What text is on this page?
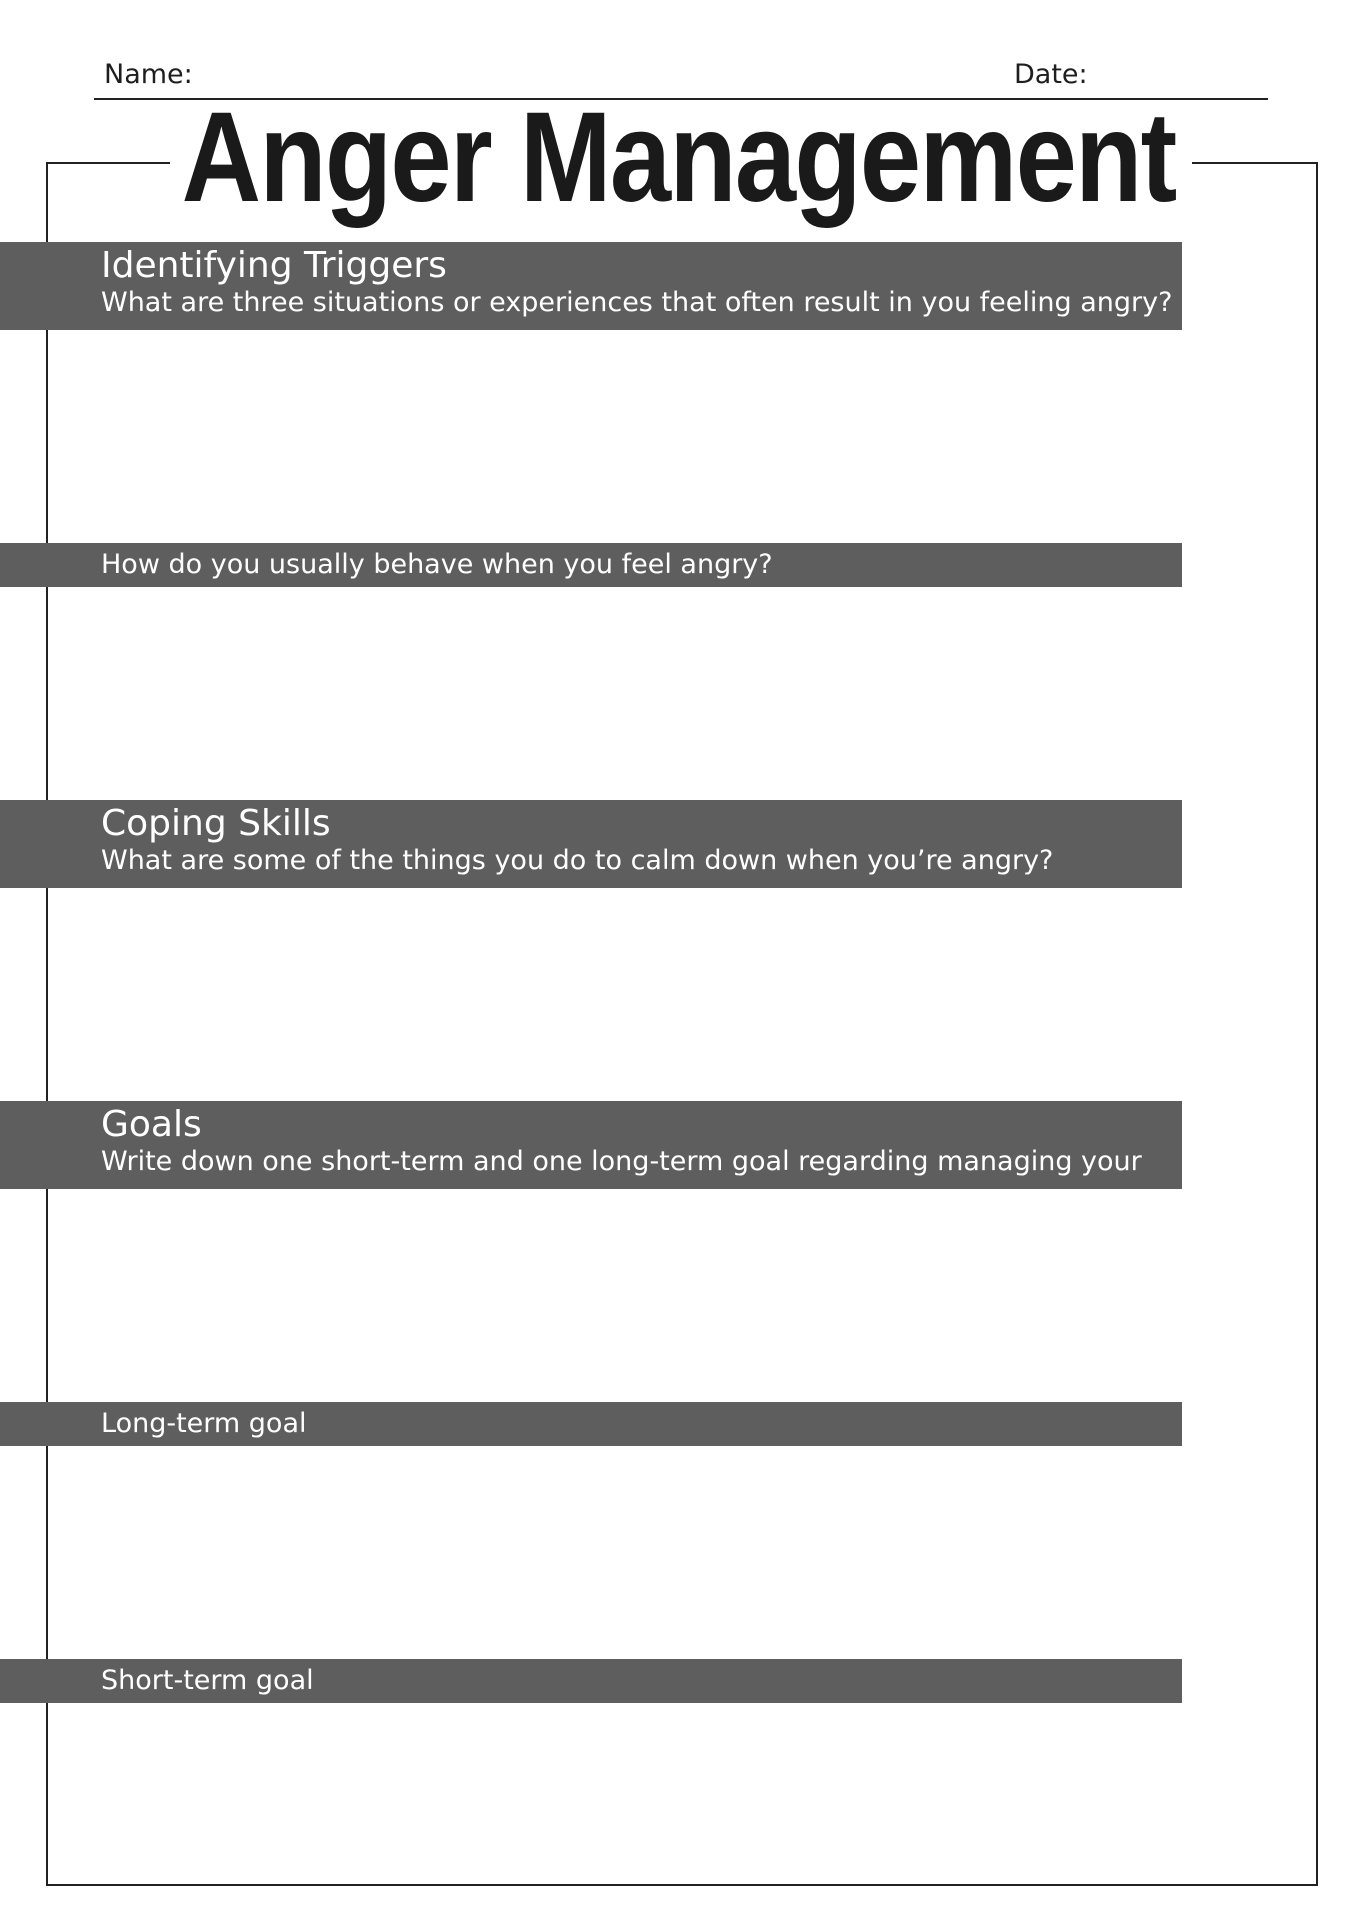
Name:	Date:
Anger Management
Identifying Triggers
What are three situations or experiences that often result in you feeling angry?
How do you usually behave when you feel angry?
Coping Skills
What are some of the things you do to calm down when you’re angry?
Goals
Write down one short-term and one long-term goal regarding managing your anger.
Long-term goal
Short-term goal
